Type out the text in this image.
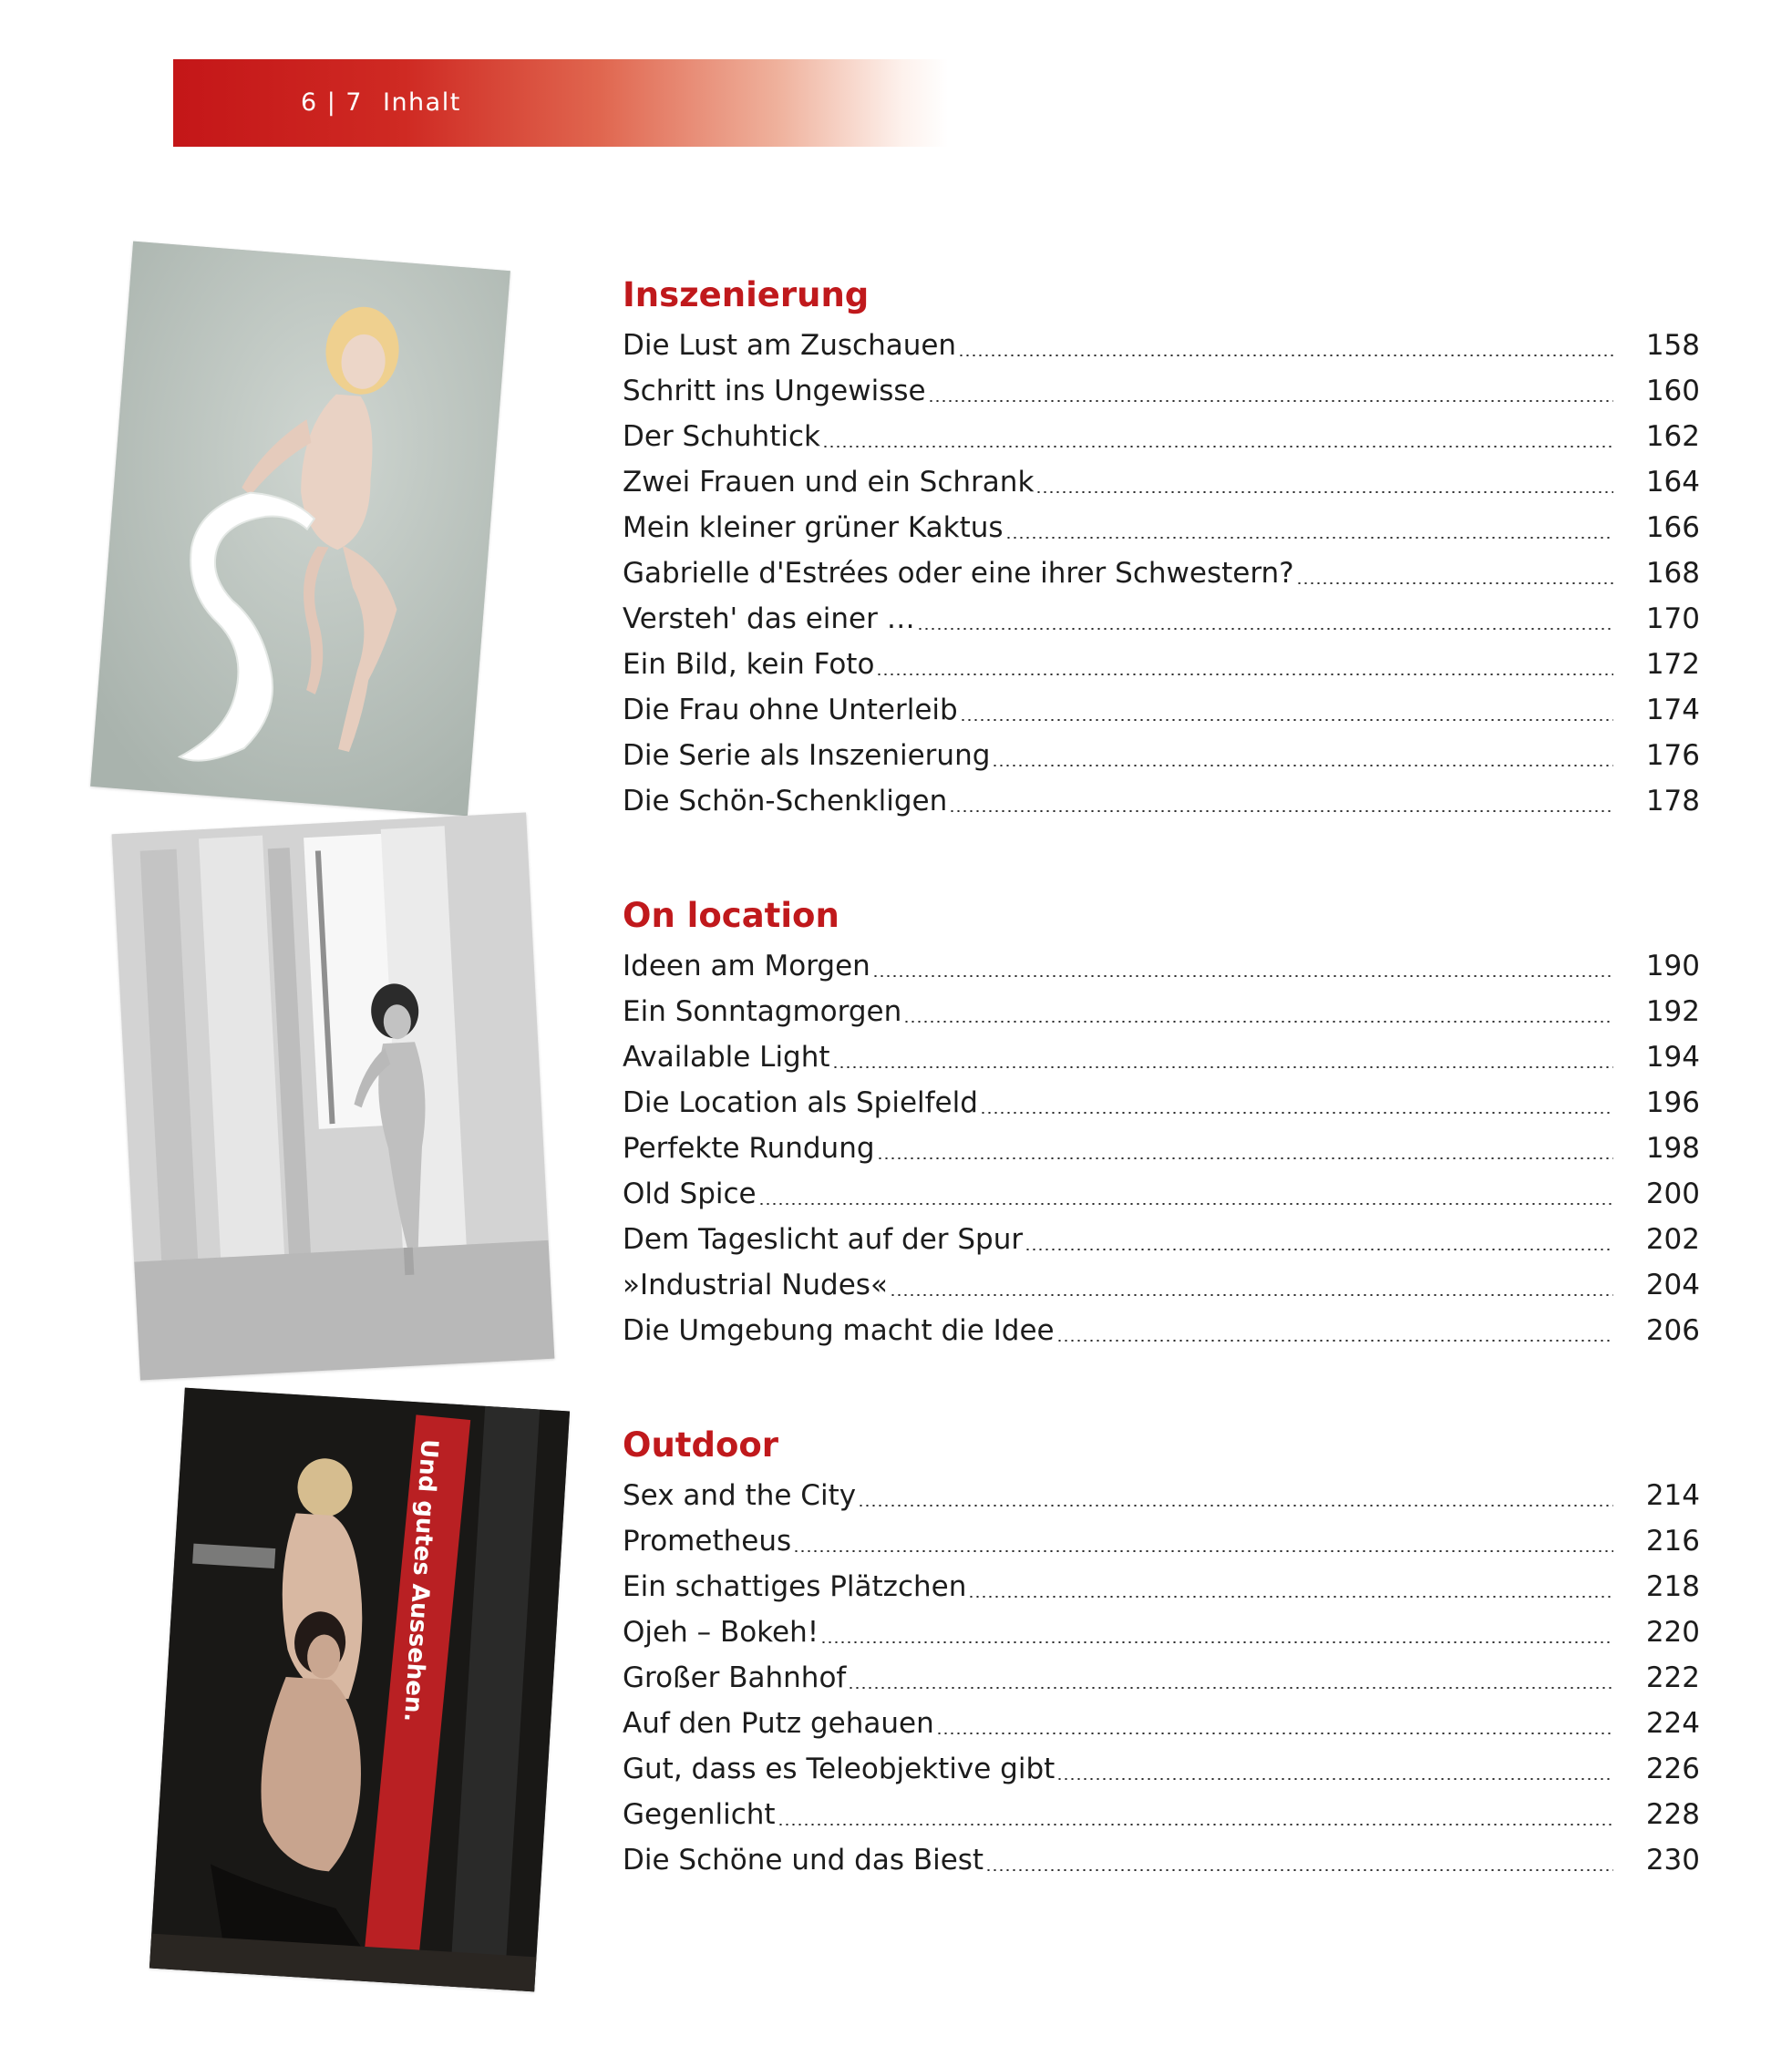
6 | 7 Inhalt
Und gutes Aussehen.
Inszenierung
Die Lust am Zuschauen	158
Schritt ins Ungewisse	160
Der Schuhtick	162
Zwei Frauen und ein Schrank	164
Mein kleiner grüner Kaktus	166
Gabrielle d'Estrées oder eine ihrer Schwestern?	168
Versteh' das einer …	170
Ein Bild, kein Foto	172
Die Frau ohne Unterleib	174
Die Serie als Inszenierung	176
Die Schön-Schenkligen	178
On location
Ideen am Morgen	190
Ein Sonntagmorgen	192
Available Light	194
Die Location als Spielfeld	196
Perfekte Rundung	198
Old Spice	200
Dem Tageslicht auf der Spur	202
»Industrial Nudes«	204
Die Umgebung macht die Idee	206
Outdoor
Sex and the City	214
Prometheus	216
Ein schattiges Plätzchen	218
Ojeh – Bokeh!	220
Großer Bahnhof	222
Auf den Putz gehauen	224
Gut, dass es Teleobjektive gibt	226
Gegenlicht	228
Die Schöne und das Biest	230
